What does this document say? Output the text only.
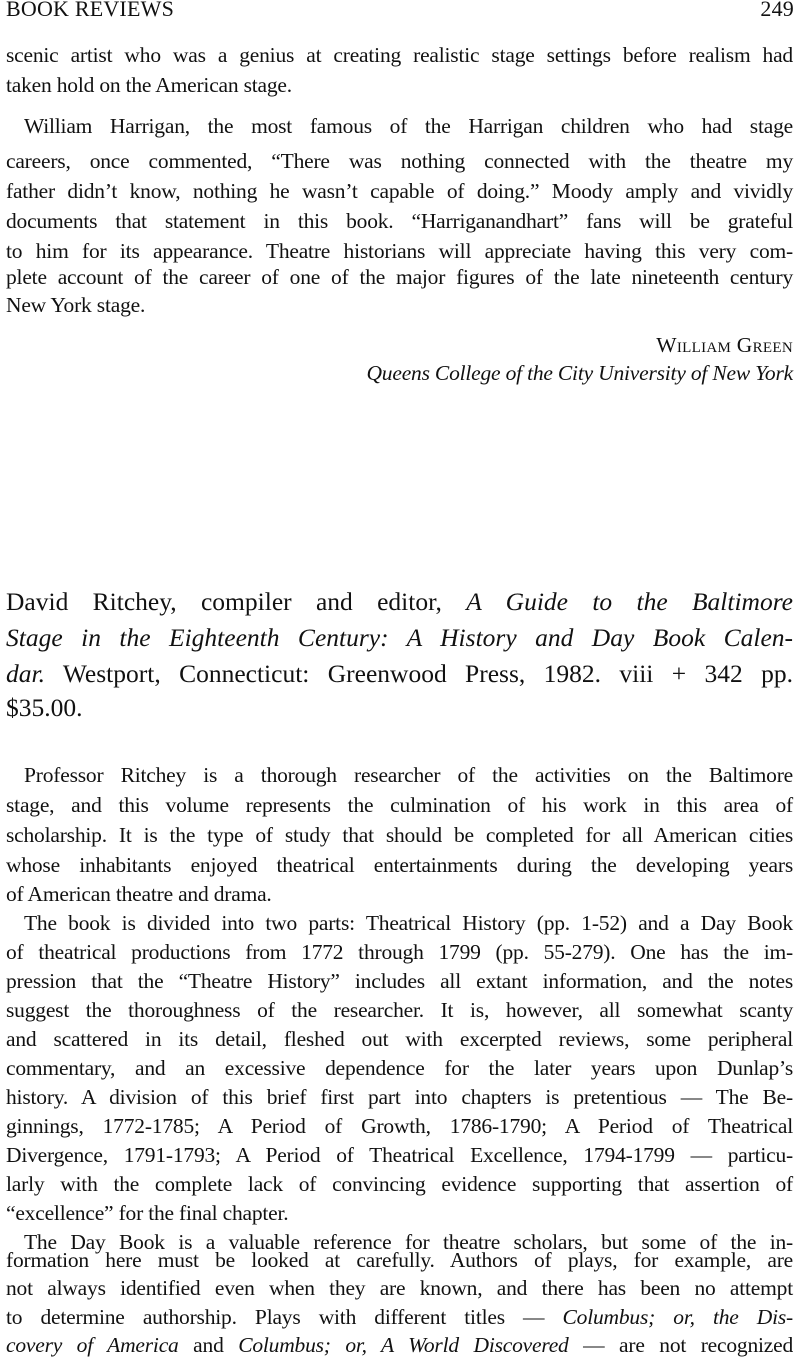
BOOK REVIEWS	249
scenic artist who was a genius at creating realistic stage settings before realism had
taken hold on the American stage.
William Harrigan, the most famous of the Harrigan children who had stage
careers, once commented, “There was nothing connected with the theatre my
father didn’t know, nothing he wasn’t capable of doing.” Moody amply and vividly
documents that statement in this book. “Harriganandhart” fans will be grateful
to him for its appearance. Theatre historians will appreciate having this very com-
plete account of the career of one of the major figures of the late nineteenth century
New York stage.
William Green
Queens College of the City University of New York
David Ritchey, compiler and editor, A Guide to the Baltimore
Stage in the Eighteenth Century: A History and Day Book Calen-
dar. Westport, Connecticut: Greenwood Press, 1982. viii + 342 pp.
$35.00.
Professor Ritchey is a thorough researcher of the activities on the Baltimore
stage, and this volume represents the culmination of his work in this area of
scholarship. It is the type of study that should be completed for all American cities
whose inhabitants enjoyed theatrical entertainments during the developing years
of American theatre and drama.
The book is divided into two parts: Theatrical History (pp. 1-52) and a Day Book
of theatrical productions from 1772 through 1799 (pp. 55-279). One has the im-
pression that the “Theatre History” includes all extant information, and the notes
suggest the thoroughness of the researcher. It is, however, all somewhat scanty
and scattered in its detail, fleshed out with excerpted reviews, some peripheral
commentary, and an excessive dependence for the later years upon Dunlap’s
history. A division of this brief first part into chapters is pretentious — The Be-
ginnings, 1772-1785; A Period of Growth, 1786-1790; A Period of Theatrical
Divergence, 1791-1793; A Period of Theatrical Excellence, 1794-1799 — particu-
larly with the complete lack of convincing evidence supporting that assertion of
“excellence” for the final chapter.
The Day Book is a valuable reference for theatre scholars, but some of the in-
formation here must be looked at carefully. Authors of plays, for example, are
not always identified even when they are known, and there has been no attempt
to determine authorship. Plays with different titles — Columbus; or, the Dis-
covery of America and Columbus; or, A World Discovered — are not recognized
